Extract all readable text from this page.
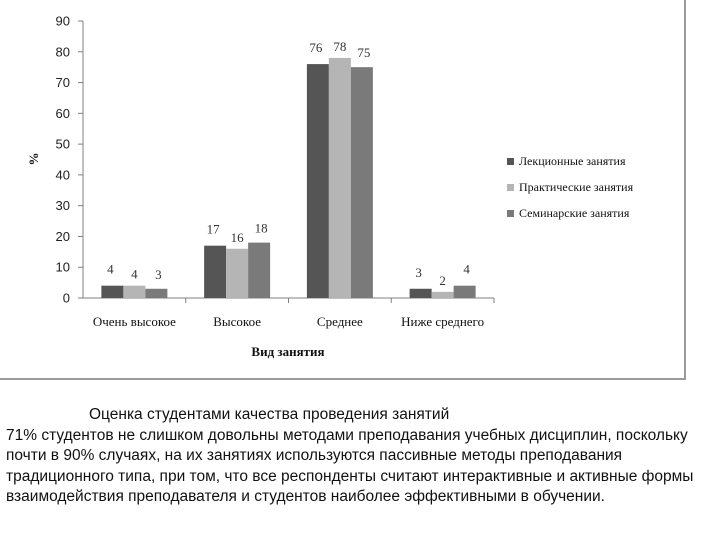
0
10
20
30
40
50
60
70
80
90
%
Вид занятия
Очень высокое
4 4 3
Высокое
17
16
18
Среднее
76 78 75
Ниже среднего
3
2
4
Лекционные занятия
Практические занятия
Семинарские занятия
Оценка студентами качества проведения занятий
71% студентов не слишком довольны методами преподавания учебных дисциплин, поскольку почти в 90% случаях, на их занятиях используются пассивные методы преподавания традиционного типа, при том, что все респонденты считают интерактивные и активные формы взаимодействия преподавателя и студентов наиболее эффективными в обучении.
